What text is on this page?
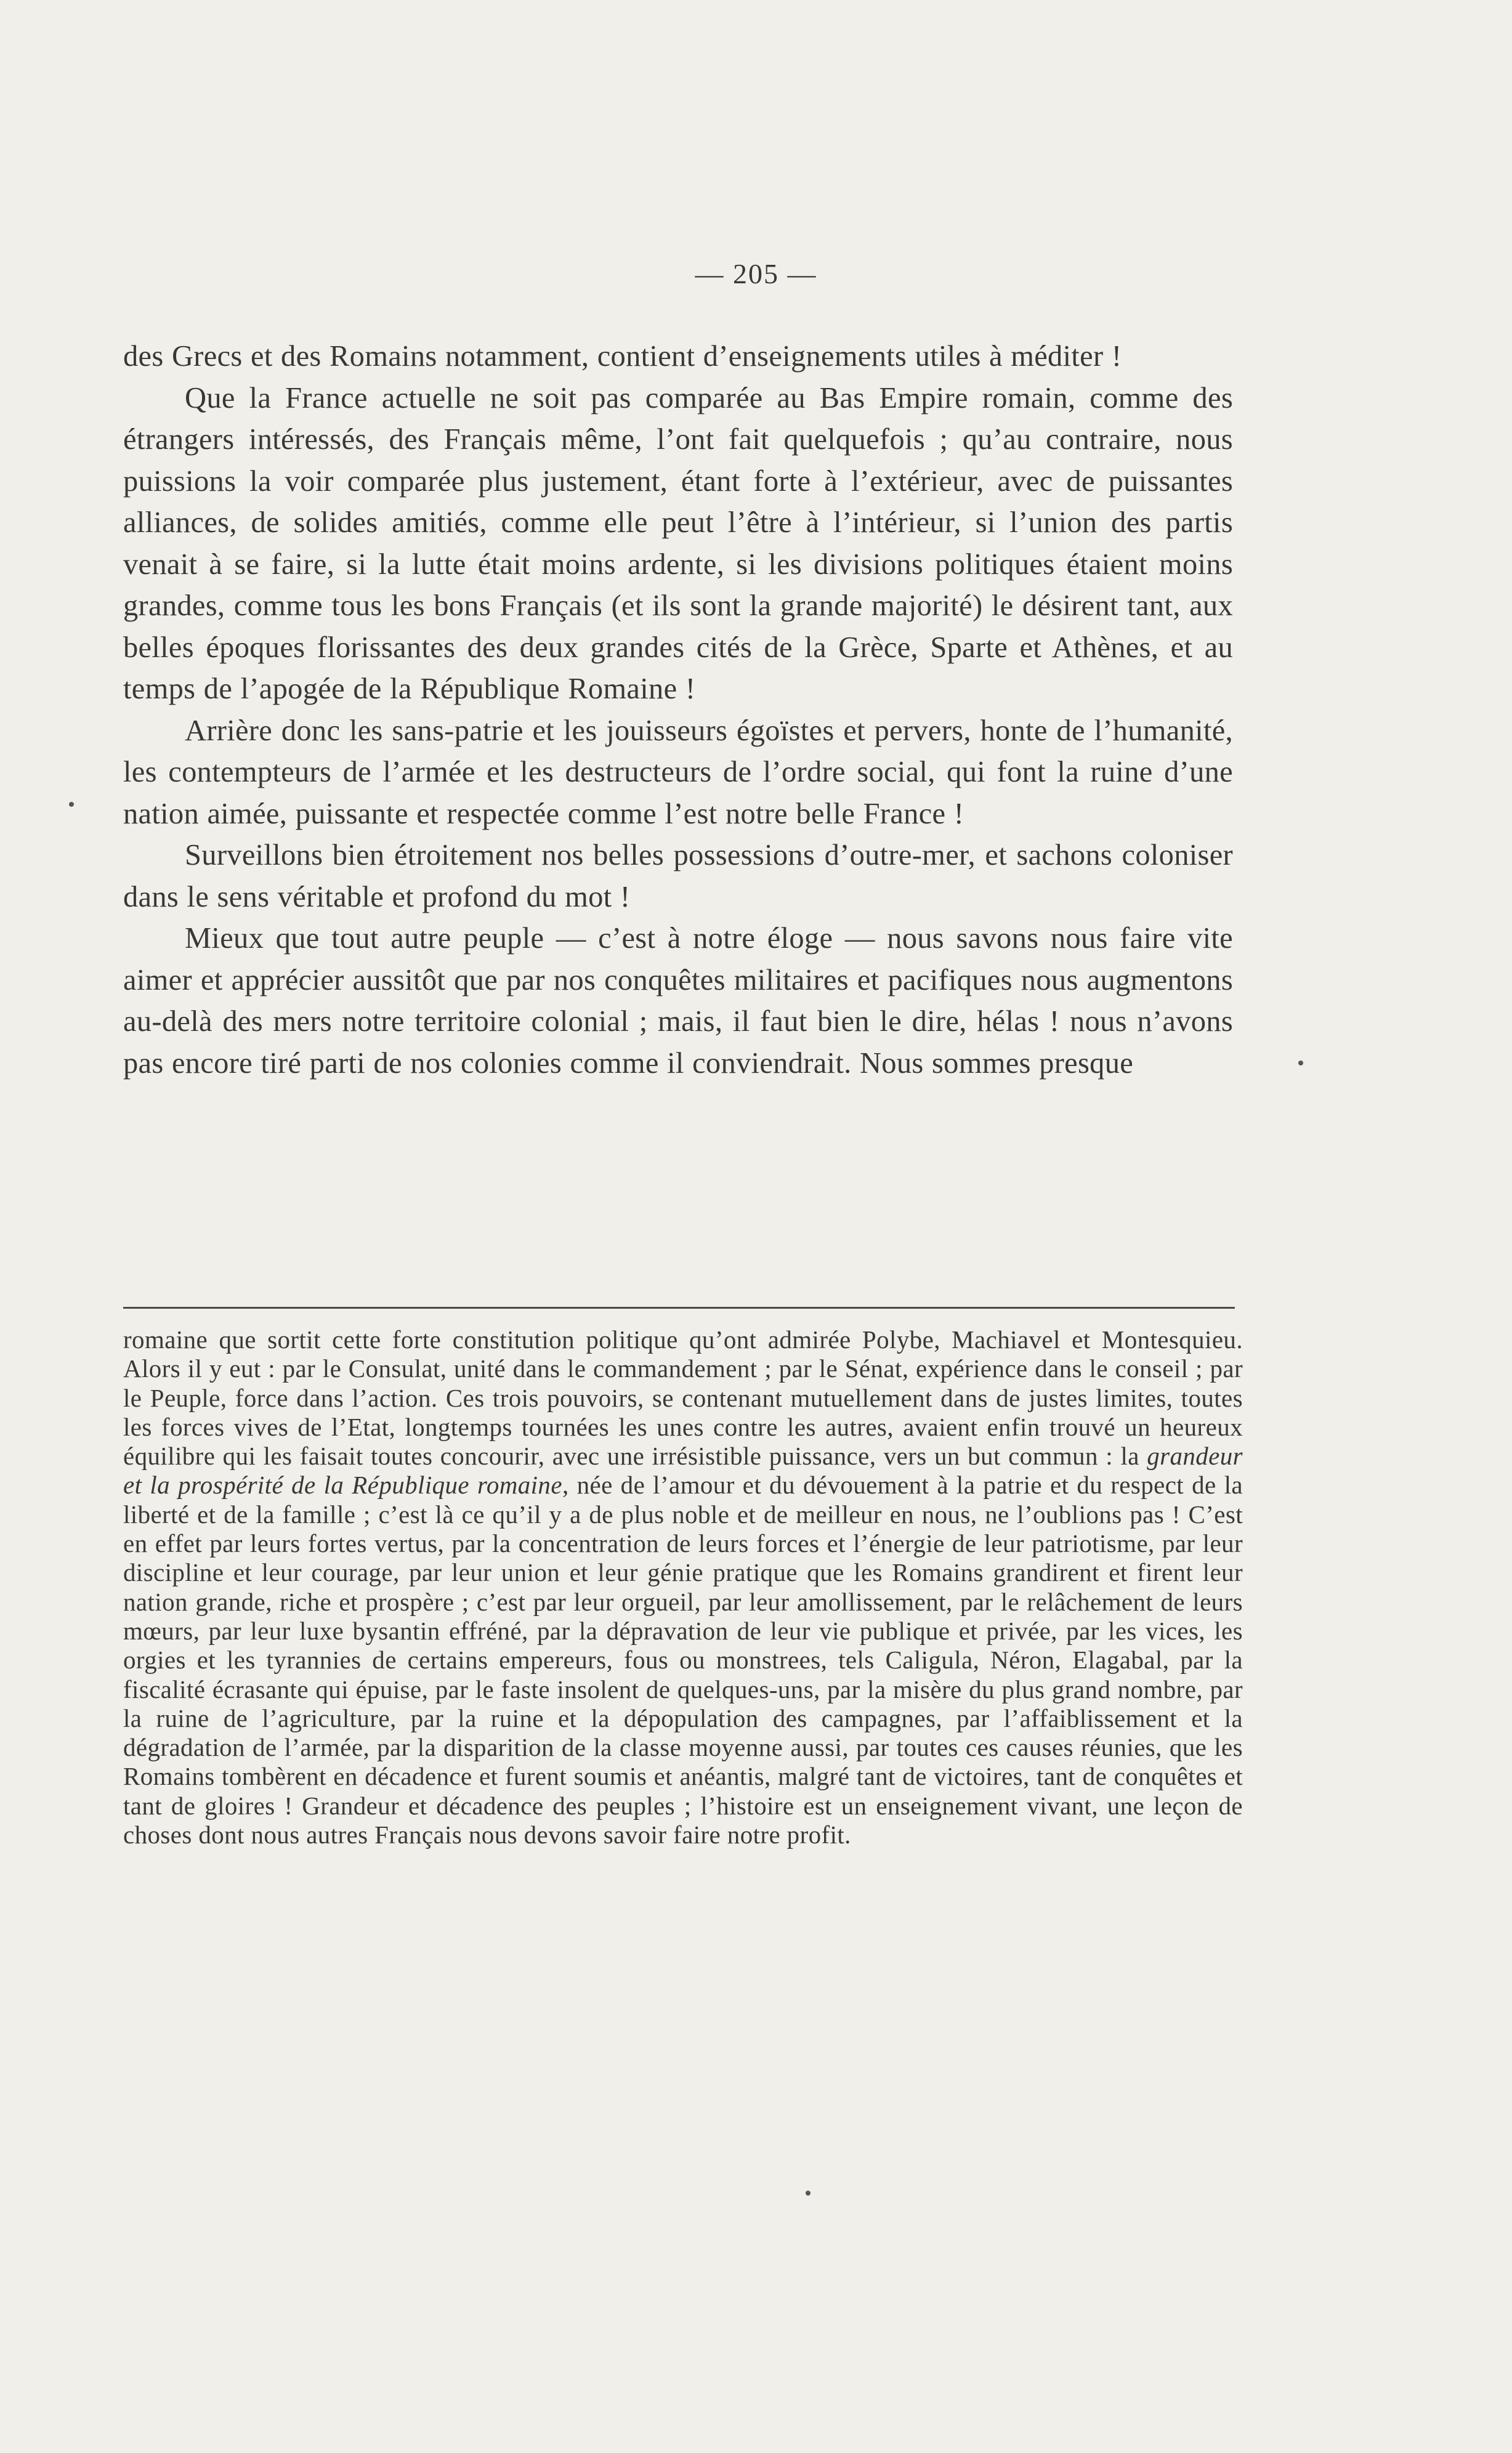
— 205 —

des Grecs et des Romains notamment, contient d’enseignements utiles à méditer !

Que la France actuelle ne soit pas comparée au Bas Empire romain, comme des étrangers intéressés, des Français même, l’ont fait quelquefois ; qu’au contraire, nous puissions la voir comparée plus justement, étant forte à l’extérieur, avec de puissantes alliances, de solides amitiés, comme elle peut l’être à l’intérieur, si l’union des partis venait à se faire, si la lutte était moins ardente, si les divisions politiques étaient moins grandes, comme tous les bons Français (et ils sont la grande majorité) le désirent tant, aux belles époques florissantes des deux grandes cités de la Grèce, Sparte et Athènes, et au temps de l’apogée de la République Romaine !

Arrière donc les sans-patrie et les jouisseurs égoïstes et pervers, honte de l’humanité, les contempteurs de l’armée et les destructeurs de l’ordre social, qui font la ruine d’une nation aimée, puissante et respectée comme l’est notre belle France !

Surveillons bien étroitement nos belles possessions d’outre-mer, et sachons coloniser dans le sens véritable et profond du mot !

Mieux que tout autre peuple — c’est à notre éloge — nous savons nous faire vite aimer et apprécier aussitôt que par nos conquêtes militaires et pacifiques nous augmentons au-delà des mers notre territoire colonial ; mais, il faut bien le dire, hélas ! nous n’avons pas encore tiré parti de nos colonies comme il conviendrait. Nous sommes presque

romaine que sortit cette forte constitution politique qu’ont admirée Polybe, Machiavel et Montesquieu. Alors il y eut : par le Consulat, unité dans le commandement ; par le Sénat, expérience dans le conseil ; par le Peuple, force dans l’action. Ces trois pouvoirs, se contenant mutuellement dans de justes limites, toutes les forces vives de l’Etat, longtemps tournées les unes contre les autres, avaient enfin trouvé un heureux équilibre qui les faisait toutes concourir, avec une irrésistible puissance, vers un but commun : la grandeur et la prospérité de la République romaine, née de l’amour et du dévouement à la patrie et du respect de la liberté et de la famille ; c’est là ce qu’il y a de plus noble et de meilleur en nous, ne l’oublions pas ! C’est en effet par leurs fortes vertus, par la concentration de leurs forces et l’énergie de leur patriotisme, par leur discipline et leur courage, par leur union et leur génie pratique que les Romains grandirent et firent leur nation grande, riche et prospère ; c’est par leur orgueil, par leur amollissement, par le relâchement de leurs mœurs, par leur luxe bysantin effréné, par la dépravation de leur vie publique et privée, par les vices, les orgies et les tyrannies de certains empereurs, fous ou monstrees, tels Caligula, Néron, Elagabal, par la fiscalité écrasante qui épuise, par le faste insolent de quelques-uns, par la misère du plus grand nombre, par la ruine de l’agriculture, par la ruine et la dépopulation des campagnes, par l’affaiblissement et la dégradation de l’armée, par la disparition de la classe moyenne aussi, par toutes ces causes réunies, que les Romains tombèrent en décadence et furent soumis et anéantis, malgré tant de victoires, tant de conquêtes et tant de gloires ! Grandeur et décadence des peuples ; l’histoire est un enseignement vivant, une leçon de choses dont nous autres Français nous devons savoir faire notre profit.
